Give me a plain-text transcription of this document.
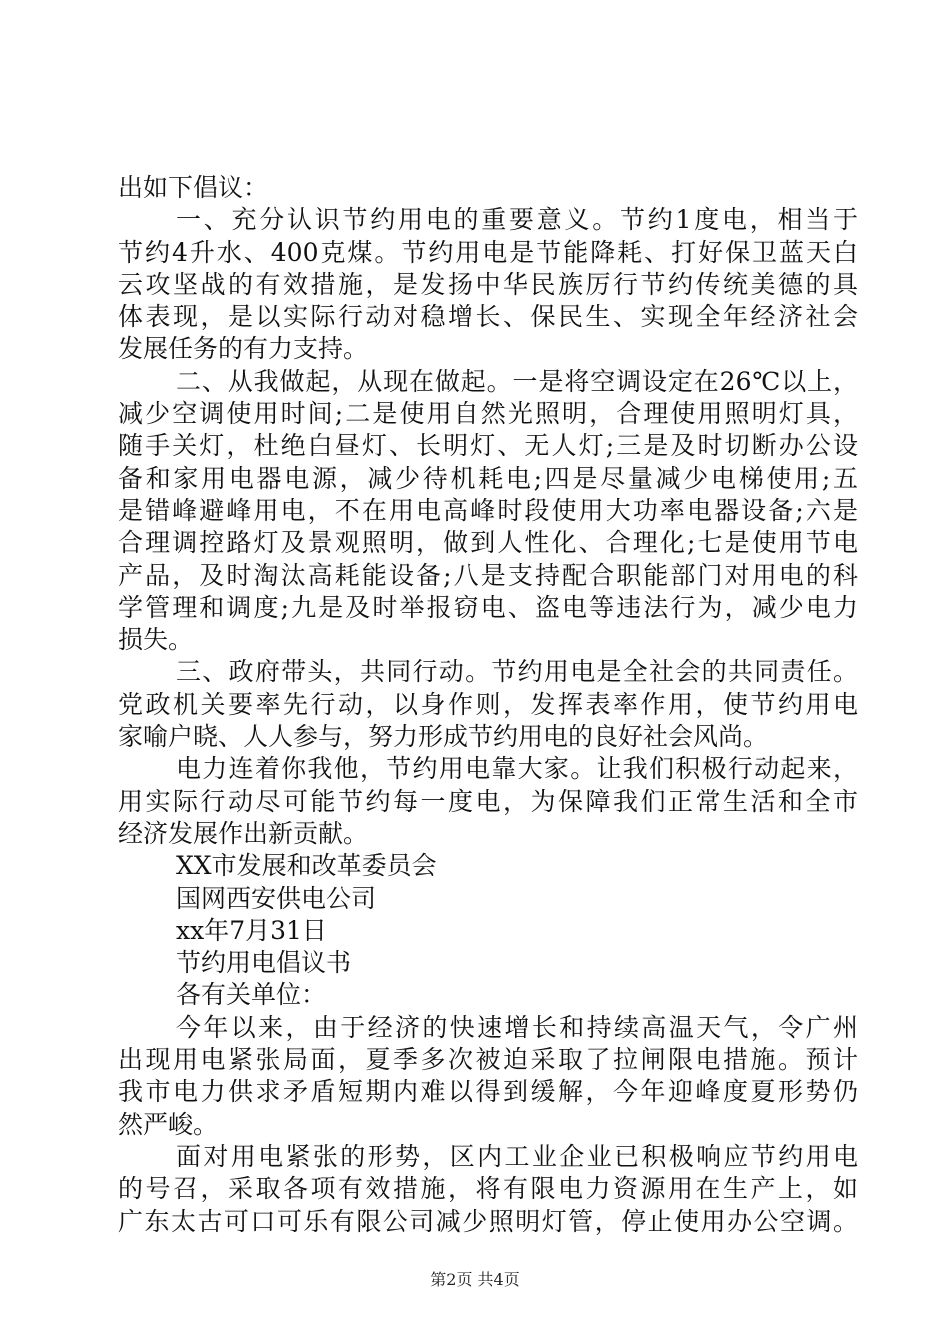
出如下倡议：
一、充分认识节约用电的重要意义。节约1度电，相当于
节约4升水、400克煤。节约用电是节能降耗、打好保卫蓝天白
云攻坚战的有效措施，是发扬中华民族厉行节约传统美德的具
体表现，是以实际行动对稳增长、保民生、实现全年经济社会
发展任务的有力支持。
二、从我做起，从现在做起。一是将空调设定在26℃以上，
减少空调使用时间;二是使用自然光照明，合理使用照明灯具，
随手关灯，杜绝白昼灯、长明灯、无人灯;三是及时切断办公设
备和家用电器电源，减少待机耗电;四是尽量减少电梯使用;五
是错峰避峰用电，不在用电高峰时段使用大功率电器设备;六是
合理调控路灯及景观照明，做到人性化、合理化;七是使用节电
产品，及时淘汰高耗能设备;八是支持配合职能部门对用电的科
学管理和调度;九是及时举报窃电、盗电等违法行为，减少电力
损失。
三、政府带头，共同行动。节约用电是全社会的共同责任。
党政机关要率先行动，以身作则，发挥表率作用，使节约用电
家喻户晓、人人参与，努力形成节约用电的良好社会风尚。
电力连着你我他，节约用电靠大家。让我们积极行动起来，
用实际行动尽可能节约每一度电，为保障我们正常生活和全市
经济发展作出新贡献。
XX市发展和改革委员会
国网西安供电公司
xx年7月31日
节约用电倡议书
各有关单位：
今年以来，由于经济的快速增长和持续高温天气，令广州
出现用电紧张局面，夏季多次被迫采取了拉闸限电措施。预计
我市电力供求矛盾短期内难以得到缓解，今年迎峰度夏形势仍
然严峻。
面对用电紧张的形势，区内工业企业已积极响应节约用电
的号召，采取各项有效措施，将有限电力资源用在生产上，如
广东太古可口可乐有限公司减少照明灯管，停止使用办公空调。
第2页 共4页
